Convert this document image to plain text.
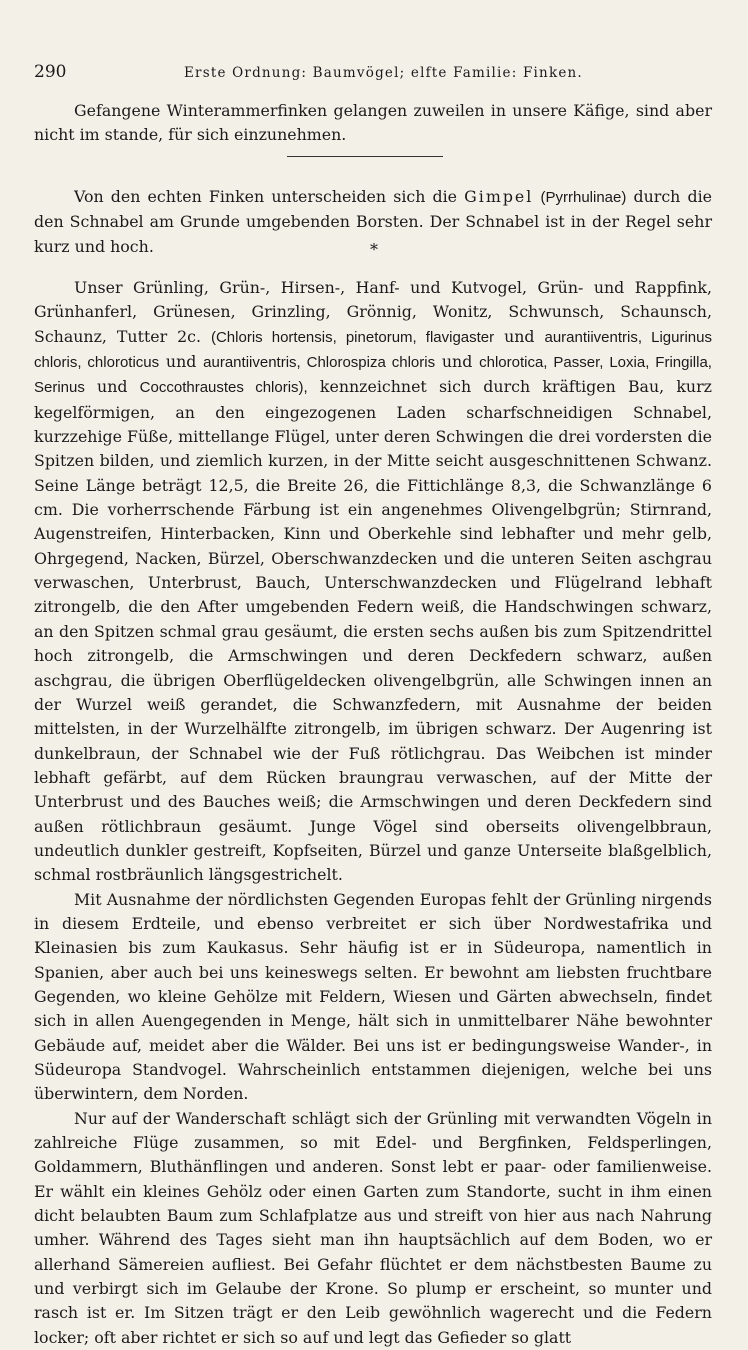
290	Erste Ordnung: Baumvögel; elfte Familie: Finken.

Gefangene Winterammerfinken gelangen zuweilen in unsere Käfige, sind aber nicht im stande, für sich einzunehmen.

Von den echten Finken unterscheiden sich die Gimpel (Pyrrhulinae) durch die den Schnabel am Grunde umgebenden Borsten. Der Schnabel ist in der Regel sehr kurz und hoch.	*

Unser Grünling, Grün-, Hirsen-, Hanf- und Kutvogel, Grün- und Rappfink, Grünhanferl, Grünesen, Grinzling, Grönnig, Wonitz, Schwunsch, Schaunsch, Schaunz, Tutter 2c. (Chloris hortensis, pinetorum, flavigaster und aurantiiventris, Ligurinus chloris, chloroticus und aurantiiventris, Chlorospiza chloris und chlorotica, Passer, Loxia, Fringilla, Serinus und Coccothraustes chloris), kennzeichnet sich durch kräftigen Bau, kurz kegelförmigen, an den eingezogenen Laden scharfschneidigen Schnabel, kurzzehige Füße, mittellange Flügel, unter deren Schwingen die drei vordersten die Spitzen bilden, und ziemlich kurzen, in der Mitte seicht ausgeschnittenen Schwanz. Seine Länge beträgt 12,5, die Breite 26, die Fittichlänge 8,3, die Schwanzlänge 6 cm. Die vorherrschende Färbung ist ein angenehmes Olivengelbgrün; Stirnrand, Augenstreifen, Hinterbacken, Kinn und Oberkehle sind lebhafter und mehr gelb, Ohrgegend, Nacken, Bürzel, Oberschwanzdecken und die unteren Seiten aschgrau verwaschen, Unterbrust, Bauch, Unterschwanzdecken und Flügelrand lebhaft zitrongelb, die den After umgebenden Federn weiß, die Handschwingen schwarz, an den Spitzen schmal grau gesäumt, die ersten sechs außen bis zum Spitzendrittel hoch zitrongelb, die Armschwingen und deren Deckfedern schwarz, außen aschgrau, die übrigen Oberflügeldecken olivengelbgrün, alle Schwingen innen an der Wurzel weiß gerandet, die Schwanzfedern, mit Ausnahme der beiden mittelsten, in der Wurzelhälfte zitrongelb, im übrigen schwarz. Der Augenring ist dunkelbraun, der Schnabel wie der Fuß rötlichgrau. Das Weibchen ist minder lebhaft gefärbt, auf dem Rücken braungrau verwaschen, auf der Mitte der Unterbrust und des Bauches weiß; die Armschwingen und deren Deckfedern sind außen rötlichbraun gesäumt. Junge Vögel sind oberseits olivengelbbraun, undeutlich dunkler gestreift, Kopfseiten, Bürzel und ganze Unterseite blaßgelblich, schmal rostbräunlich längsgestrichelt.

Mit Ausnahme der nördlichsten Gegenden Europas fehlt der Grünling nirgends in diesem Erdteile, und ebenso verbreitet er sich über Nordwestafrika und Kleinasien bis zum Kaukasus. Sehr häufig ist er in Südeuropa, namentlich in Spanien, aber auch bei uns keineswegs selten. Er bewohnt am liebsten fruchtbare Gegenden, wo kleine Gehölze mit Feldern, Wiesen und Gärten abwechseln, findet sich in allen Auengegenden in Menge, hält sich in unmittelbarer Nähe bewohnter Gebäude auf, meidet aber die Wälder. Bei uns ist er bedingungsweise Wander-, in Südeuropa Standvogel. Wahrscheinlich entstammen diejenigen, welche bei uns überwintern, dem Norden.

Nur auf der Wanderschaft schlägt sich der Grünling mit verwandten Vögeln in zahlreiche Flüge zusammen, so mit Edel- und Bergfinken, Feldsperlingen, Goldammern, Bluthänflingen und anderen. Sonst lebt er paar- oder familienweise. Er wählt ein kleines Gehölz oder einen Garten zum Standorte, sucht in ihm einen dicht belaubten Baum zum Schlafplatze aus und streift von hier aus nach Nahrung umher. Während des Tages sieht man ihn hauptsächlich auf dem Boden, wo er allerhand Sämereien aufliest. Bei Gefahr flüchtet er dem nächstbesten Baume zu und verbirgt sich im Gelaube der Krone. So plump er erscheint, so munter und rasch ist er. Im Sitzen trägt er den Leib gewöhnlich wagerecht und die Federn locker; oft aber richtet er sich so auf und legt das Gefieder so glatt
